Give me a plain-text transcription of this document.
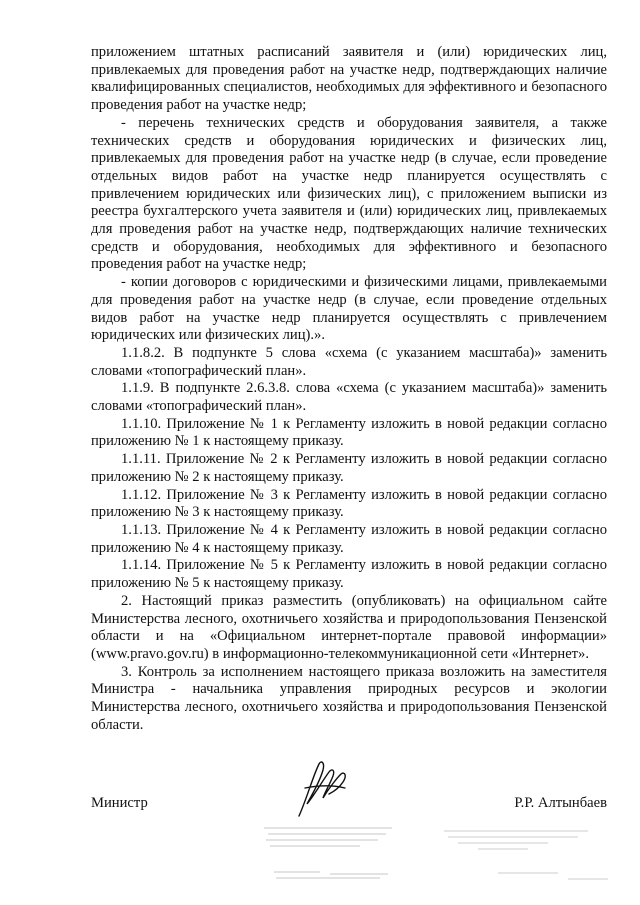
приложением штатных расписаний заявителя и (или) юридических лиц, привлекаемых для проведения работ на участке недр, подтверждающих наличие квалифицированных специалистов, необходимых для эффективного и безопасного проведения работ на участке недр;

- перечень технических средств и оборудования заявителя, а также технических средств и оборудования юридических и физических лиц, привлекаемых для проведения работ на участке недр (в случае, если проведение отдельных видов работ на участке недр планируется осуществлять с привлечением юридических или физических лиц), с приложением выписки из реестра бухгалтерского учета заявителя и (или) юридических лиц, привлекаемых для проведения работ на участке недр, подтверждающих наличие технических средств и оборудования, необходимых для эффективного и безопасного проведения работ на участке недр;

- копии договоров с юридическими и физическими лицами, привлекаемыми для проведения работ на участке недр (в случае, если проведение отдельных видов работ на участке недр планируется осуществлять с привлечением юридических или физических лиц).».

1.1.8.2. В подпункте 5 слова «схема (с указанием масштаба)» заменить словами «топографический план».

1.1.9. В подпункте 2.6.3.8. слова «схема (с указанием масштаба)» заменить словами «топографический план».

1.1.10. Приложение № 1 к Регламенту изложить в новой редакции согласно приложению № 1 к настоящему приказу.

1.1.11. Приложение № 2 к Регламенту изложить в новой редакции согласно приложению № 2 к настоящему приказу.

1.1.12. Приложение № 3 к Регламенту изложить в новой редакции согласно приложению № 3 к настоящему приказу.

1.1.13. Приложение № 4 к Регламенту изложить в новой редакции согласно приложению № 4 к настоящему приказу.

1.1.14. Приложение № 5 к Регламенту изложить в новой редакции согласно приложению № 5 к настоящему приказу.

2. Настоящий приказ разместить (опубликовать) на официальном сайте Министерства лесного, охотничьего хозяйства и природопользования Пензенской области и на «Официальном интернет-портале правовой информации» (www.pravo.gov.ru) в информационно-телекоммуникационной сети «Интернет».

3. Контроль за исполнением настоящего приказа возложить на заместителя Министра - начальника управления природных ресурсов и экологии Министерства лесного, охотничьего хозяйства и природопользования Пензенской области.

Министр	Р.Р. Алтынбаев
